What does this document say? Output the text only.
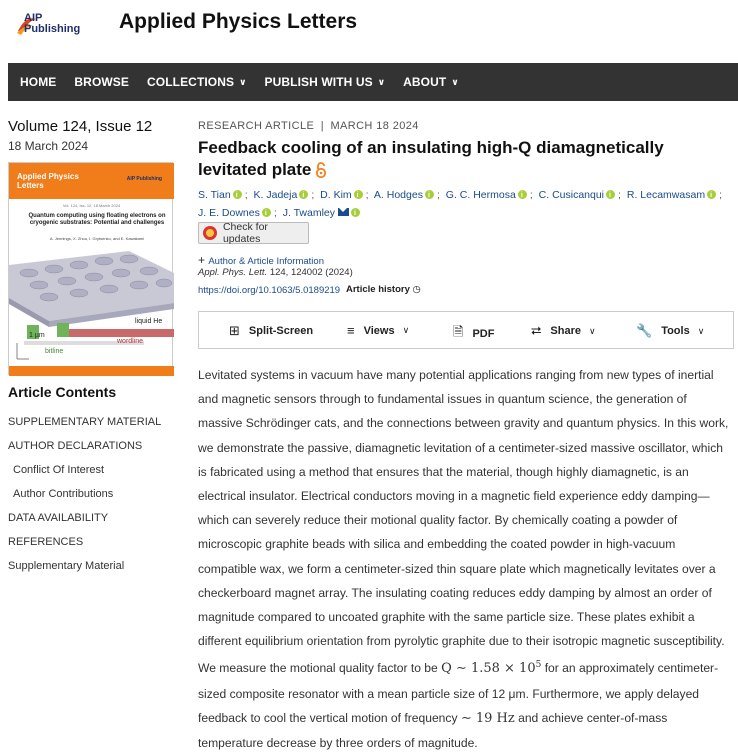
AIP
Publishing Applied Physics Letters
HOME BROWSE COLLECTIONS ∨ PUBLISH WITH US ∨ ABOUT ∨
Volume 124, Issue 12
18 March 2024
Applied Physics
Letters
AIP Publishing
Vol. 124, Iss. 12, 18 March 2024
Quantum computing using floating electrons on cryogenic substrates: Potential and challenges
A. Jennings, X. Zhou, I. Grytsenko, and E. Kawakami
1 µm
liquid He
bitline
wordline
Article Contents
SUPPLEMENTARY MATERIAL
AUTHOR DECLARATIONS
Conflict Of Interest
Author Contributions
DATA AVAILABILITY
REFERENCES
Supplementary Material
RESEARCH ARTICLE | MARCH 18 2024
Feedback cooling of an insulating high-Q diamagnetically levitated plate
S. Tian i ; K. Jadeja i ; D. Kim i ; A. Hodges i ; G. C. Hermosa i ; C. Cusicanqui i ; R. Lecamwasam i ;
J. E. Downes i ; J. Twamleyi
Check for updates
+ Author & Article Information
Appl. Phys. Lett. 124, 124002 (2024)
https://doi.org/10.1063/5.0189219 Article history ◷
⊞ Split-Screen	≡ Views ∨	🗎 PDF	⮂ Share ∨	🔧 Tools ∨
Levitated systems in vacuum have many potential applications ranging from new types of inertial and magnetic sensors through to fundamental issues in quantum science, the generation of massive Schrödinger cats, and the connections between gravity and quantum physics. In this work, we demonstrate the passive, diamagnetic levitation of a centimeter-sized massive oscillator, which is fabricated using a method that ensures that the material, though highly diamagnetic, is an electrical insulator. Electrical conductors moving in a magnetic field experience eddy damping—which can severely reduce their motional quality factor. By chemically coating a powder of microscopic graphite beads with silica and embedding the coated powder in high-vacuum compatible wax, we form a centimeter-sized thin square plate which magnetically levitates over a checkerboard magnet array. The insulating coating reduces eddy damping by almost an order of magnitude compared to uncoated graphite with the same particle size. These plates exhibit a different equilibrium orientation from pyrolytic graphite due to their isotropic magnetic susceptibility. We measure the motional quality factor to be Q ∼ $1.58 \times 10^5$ for an approximately centimeter-sized composite resonator with a mean particle size of 12 μm. Furthermore, we apply delayed feedback to cool the vertical motion of frequency ∼ 19 Hz and achieve center-of-mass temperature decrease by three orders of magnitude.
